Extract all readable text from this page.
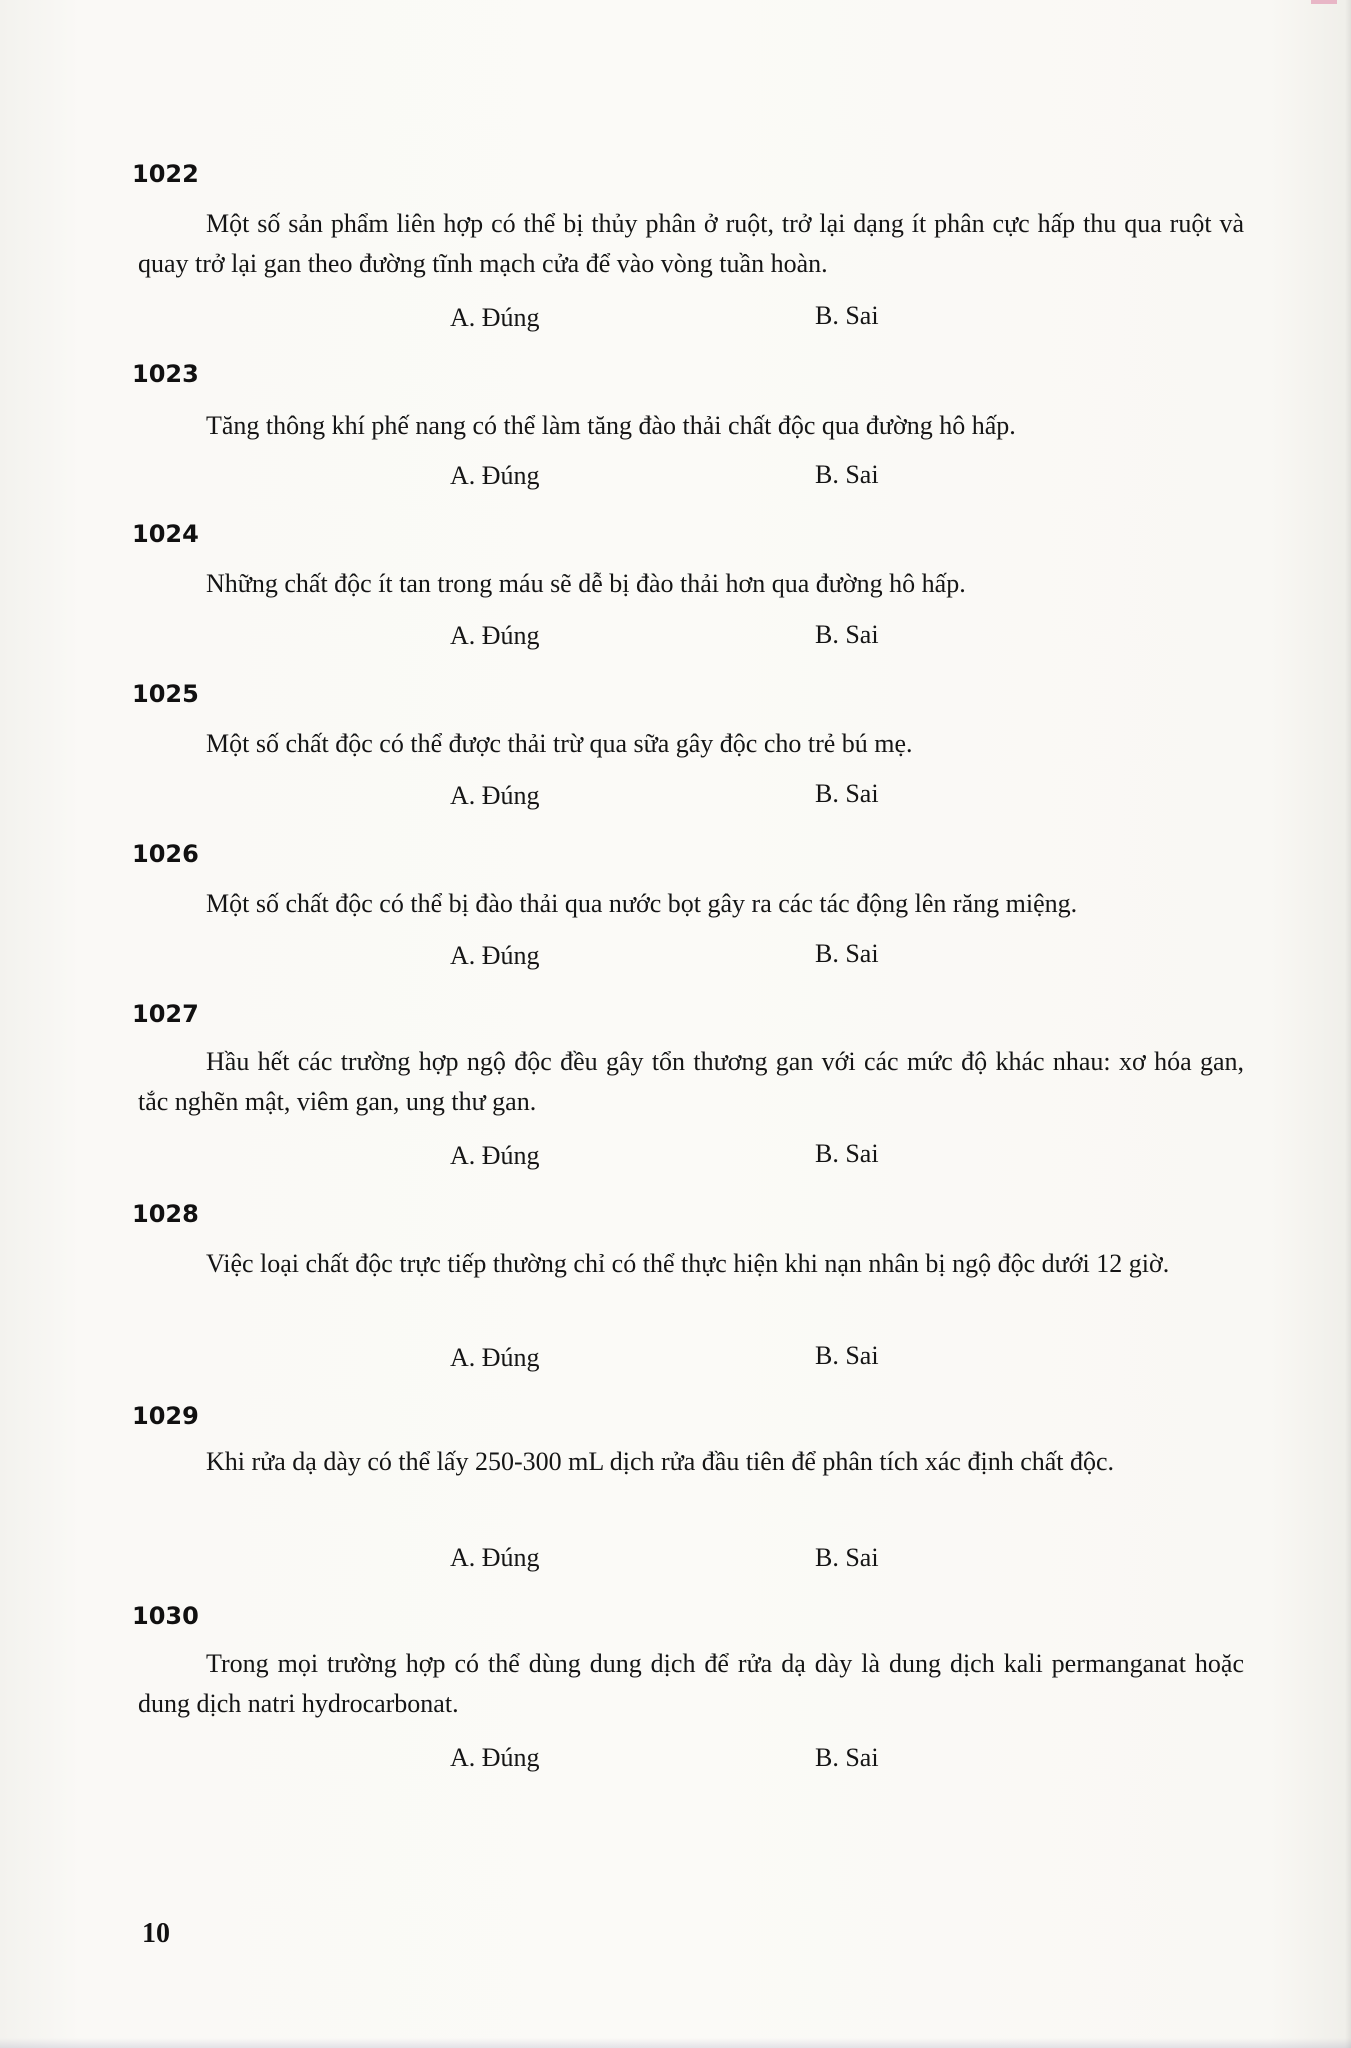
1022

Một số sản phẩm liên hợp có thể bị thủy phân ở ruột, trở lại dạng ít phân cực hấp thu qua ruột và quay trở lại gan theo đường tĩnh mạch cửa để vào vòng tuần hoàn.

A. Đúng	B. Sai
1023

Tăng thông khí phế nang có thể làm tăng đào thải chất độc qua đường hô hấp.

A. Đúng	B. Sai
1024

Những chất độc ít tan trong máu sẽ dễ bị đào thải hơn qua đường hô hấp.

A. Đúng	B. Sai
1025

Một số chất độc có thể được thải trừ qua sữa gây độc cho trẻ bú mẹ.

A. Đúng	B. Sai
1026

Một số chất độc có thể bị đào thải qua nước bọt gây ra các tác động lên răng miệng.

A. Đúng	B. Sai
1027

Hầu hết các trường hợp ngộ độc đều gây tổn thương gan với các mức độ khác nhau: xơ hóa gan, tắc nghẽn mật, viêm gan, ung thư gan.

A. Đúng	B. Sai
1028

Việc loại chất độc trực tiếp thường chỉ có thể thực hiện khi nạn nhân bị ngộ độc dưới 12 giờ.

A. Đúng	B. Sai
1029

Khi rửa dạ dày có thể lấy 250-300 mL dịch rửa đầu tiên để phân tích xác định chất độc.

A. Đúng	B. Sai
1030

Trong mọi trường hợp có thể dùng dung dịch để rửa dạ dày là dung dịch kali permanganat hoặc dung dịch natri hydrocarbonat.

A. Đúng	B. Sai

10
